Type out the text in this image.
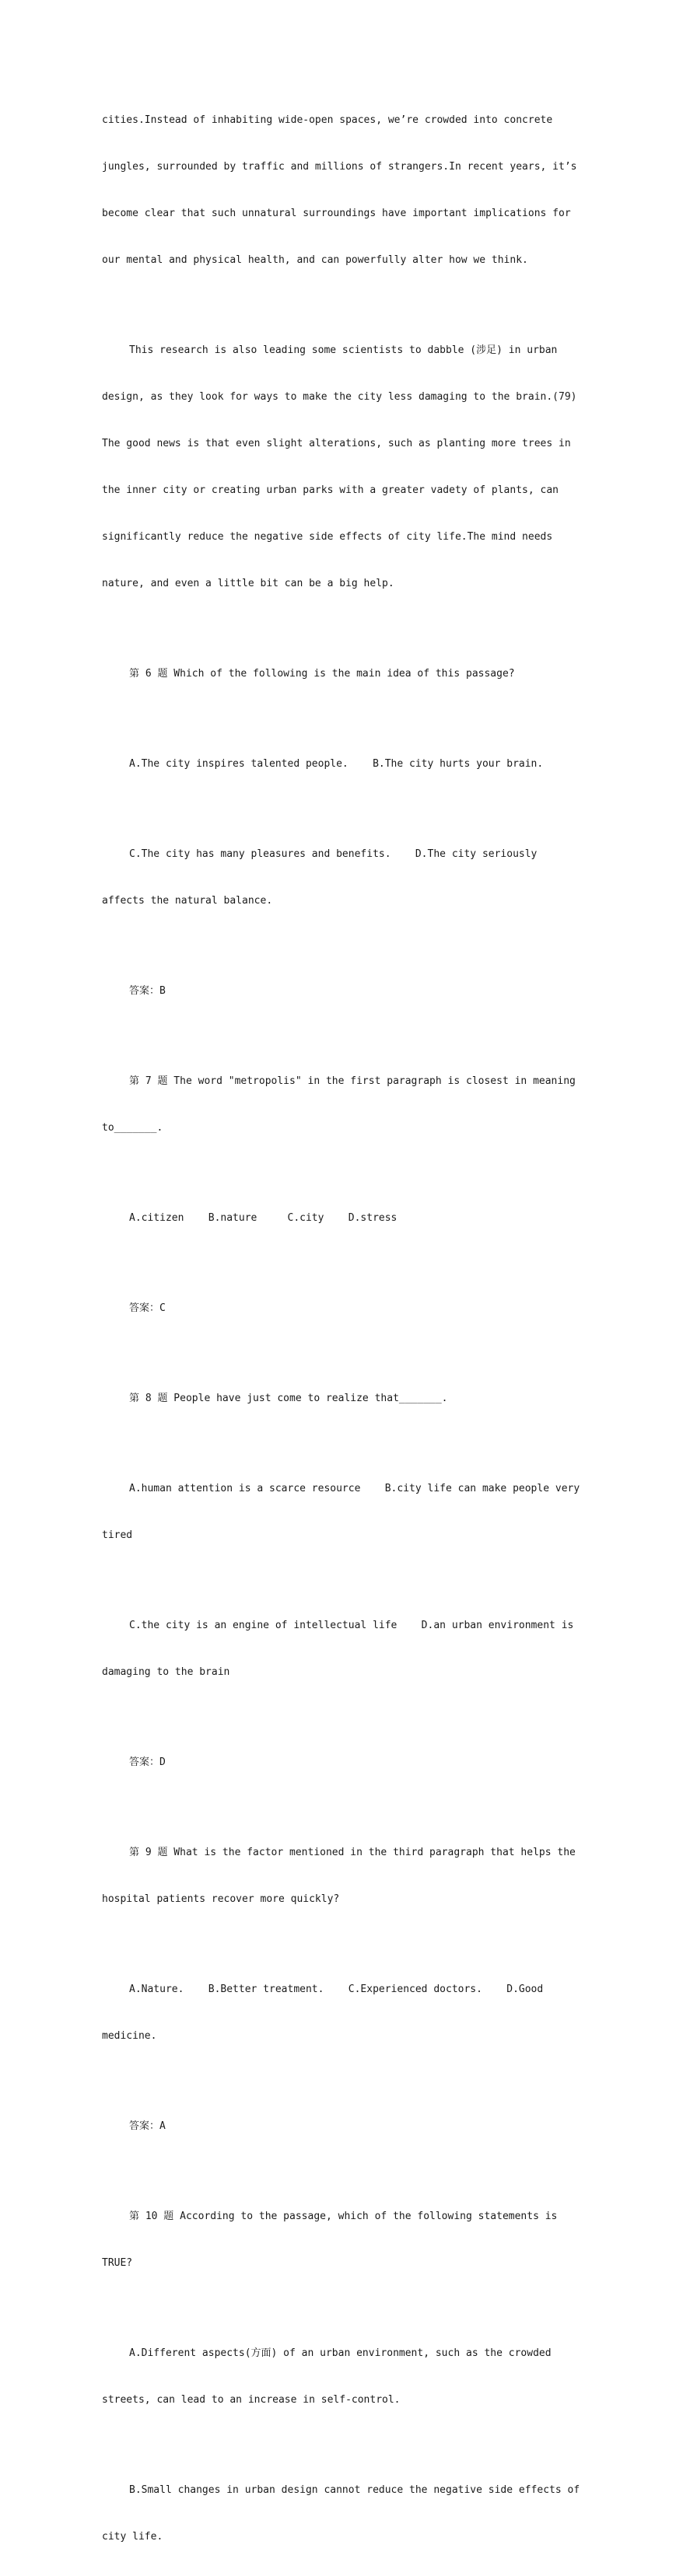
cities.Instead of inhabiting wide-open spaces, we’re crowded into concrete

jungles, surrounded by traffic and millions of strangers.In recent years, it’s

become clear that such unnatural surroundings have important implications for

our mental and physical health, and can powerfully alter how we think.

This research is also leading some scientists to dabble (涉足) in urban

design, as they look for ways to make the city less damaging to the brain.(79)

The good news is that even slight alterations, such as planting more trees in

the inner city or creating urban parks with a greater vadety of plants, can

significantly reduce the negative side effects of city life.The mind needs

nature, and even a little bit can be a big help.

第 6 题 Which of the following is the main idea of this passage?

A.The city inspires talented people.    B.The city hurts your brain.

C.The city has many pleasures and benefits.    D.The city seriously

affects the natural balance.

答案：B

第 7 题 The word "metropolis" in the first paragraph is closest in meaning

to_______.

A.citizen    B.nature     C.city    D.stress

答案：C

第 8 题 People have just come to realize that_______.

A.human attention is a scarce resource    B.city life can make people very

tired

C.the city is an engine of intellectual life    D.an urban environment is

damaging to the brain

答案：D

第 9 题 What is the factor mentioned in the third paragraph that helps the

hospital patients recover more quickly?

A.Nature.    B.Better treatment.    C.Experienced doctors.    D.Good

medicine.

答案：A

第 10 题 According to the passage, which of the following statements is

TRUE?

A.Different aspects(方面) of an urban environment, such as the crowded

streets, can lead to an increase in self-control.

B.Small changes in urban design cannot reduce the negative side effects of

city life.
